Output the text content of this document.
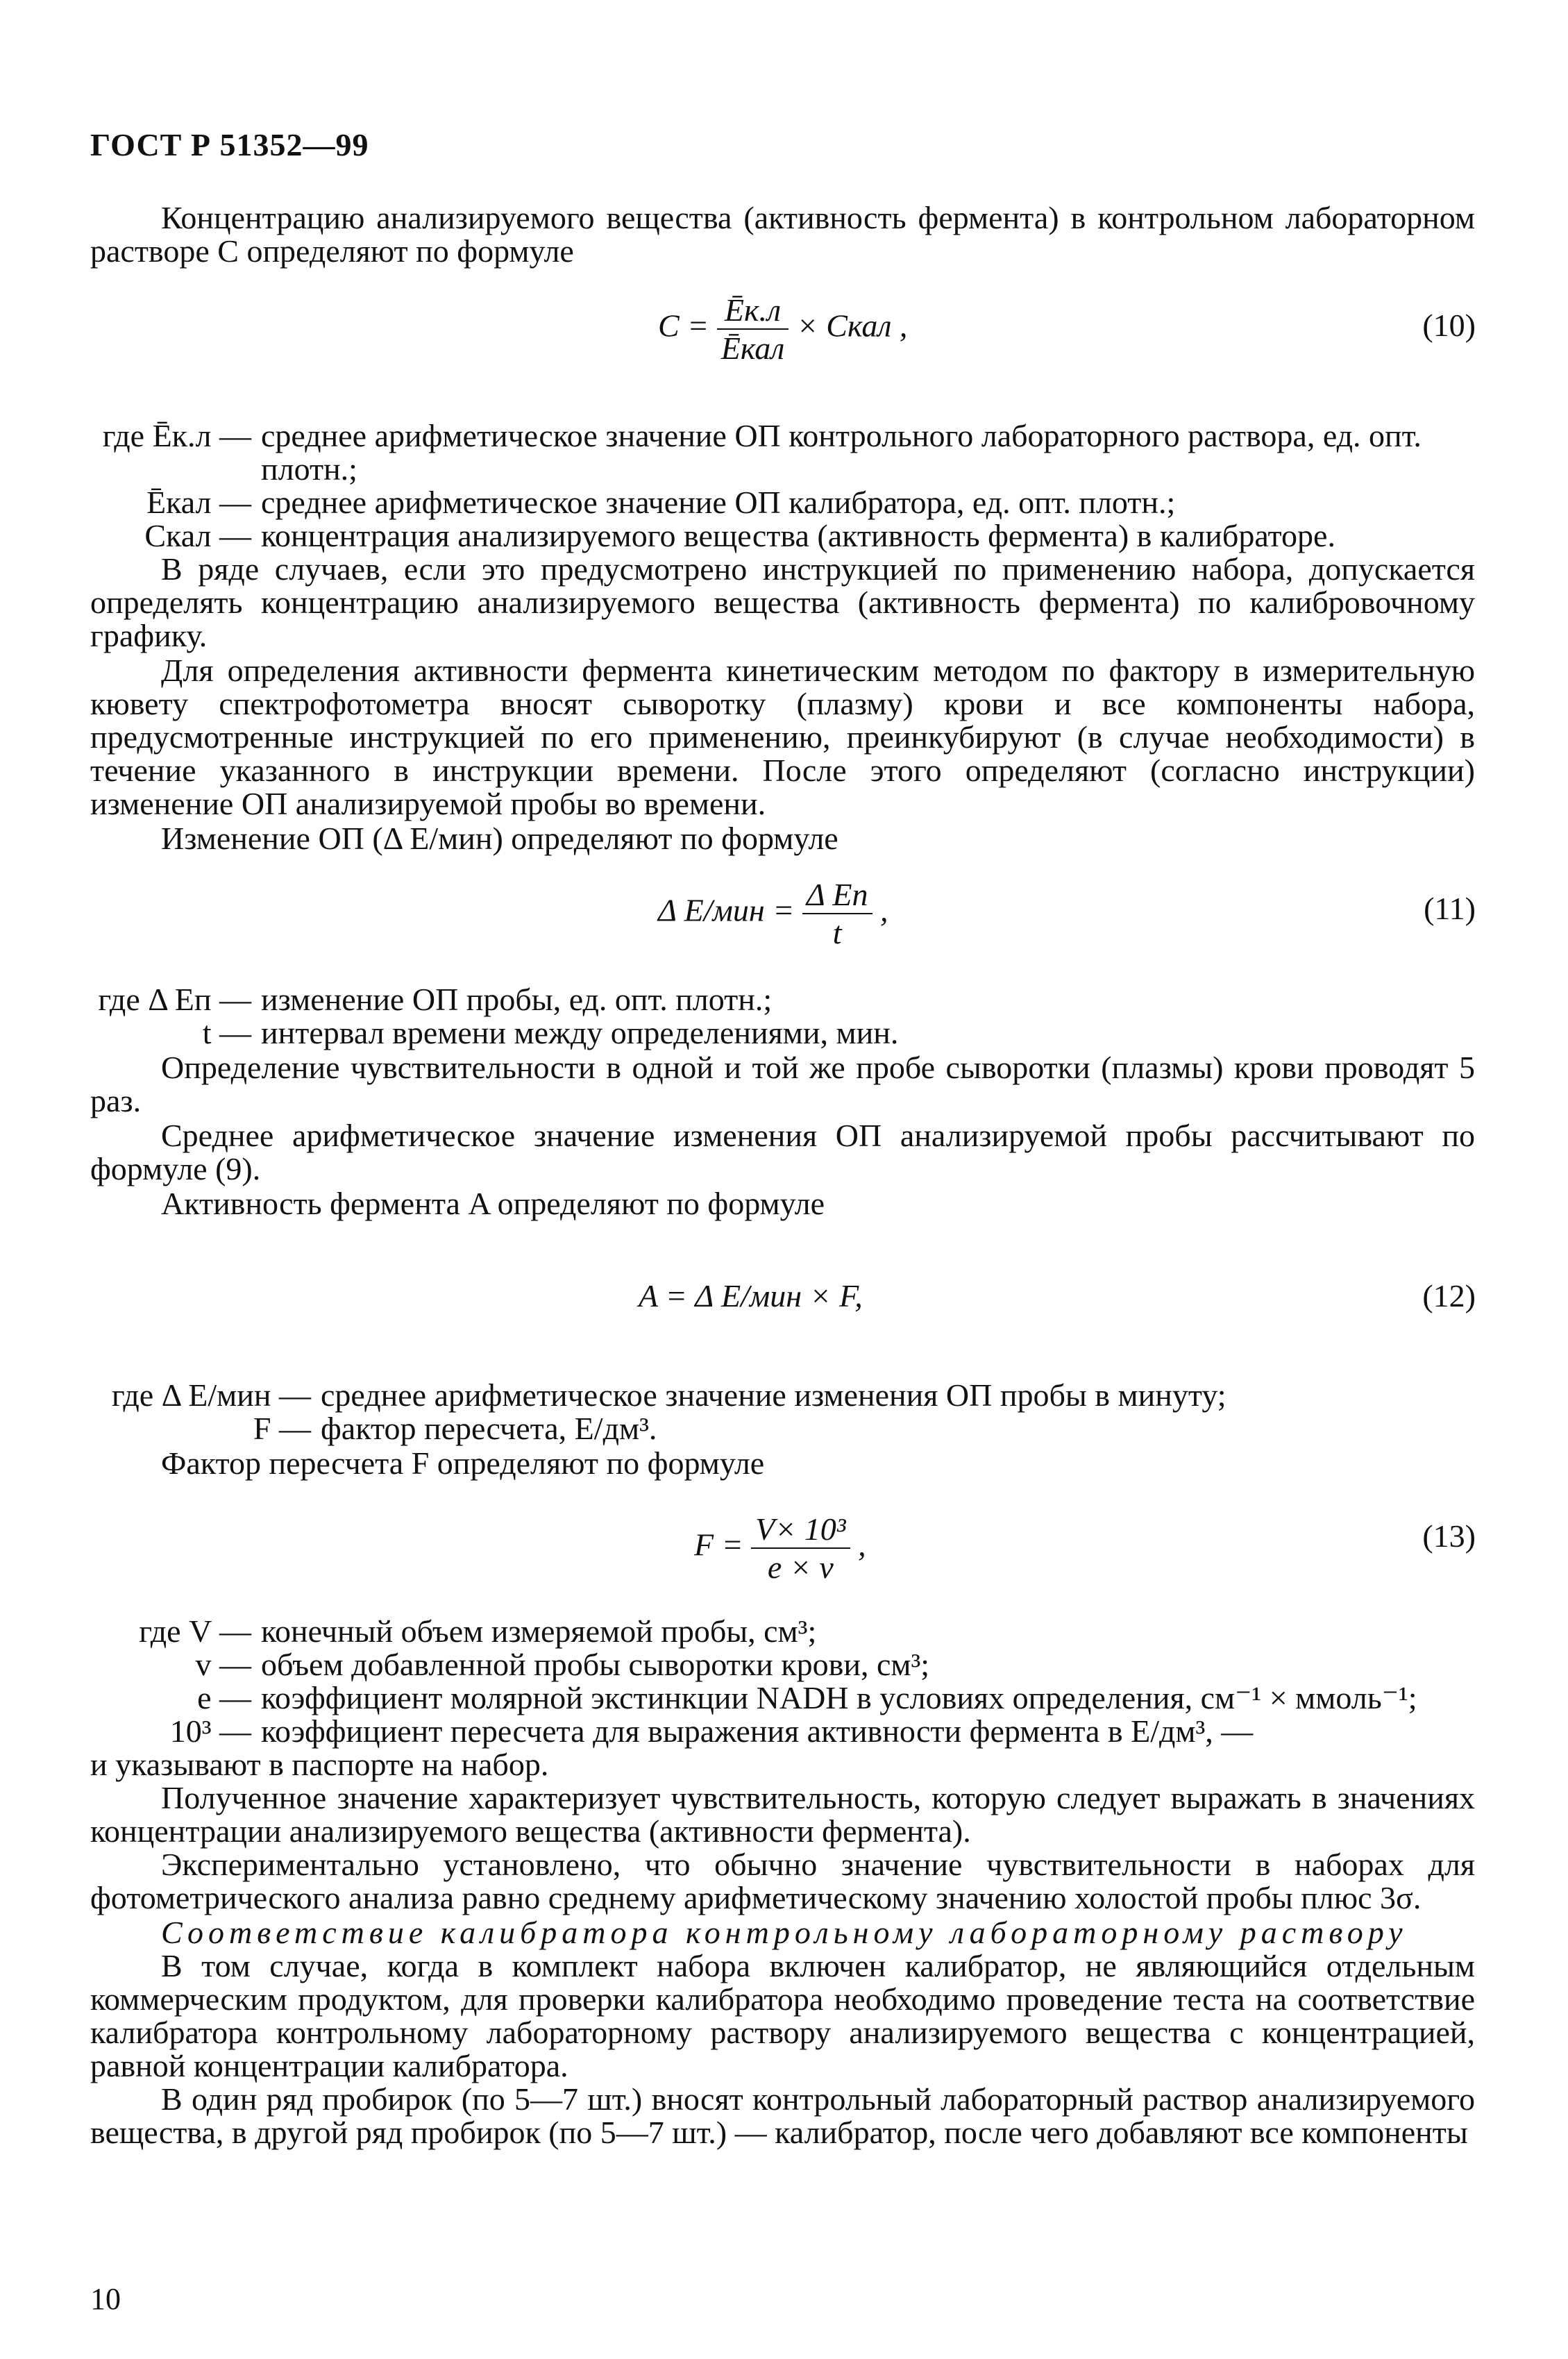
ГОСТ Р 51352—99
Концентрацию анализируемого вещества (активность фермента) в контрольном лабораторном растворе C определяют по формуле
$C = \frac{Ēк.л}{\text{Ēкал}}$ × Cкал ,	(10)
где Ēк.л — среднее арифметическое значение ОП контрольного лабораторного раствора, ед. опт. плотн.;
Ēкал — среднее арифметическое значение ОП калибратора, ед. опт. плотн.;
Cкал — концентрация анализируемого вещества (активность фермента) в калибраторе.
В ряде случаев, если это предусмотрено инструкцией по применению набора, допускается определять концентрацию анализируемого вещества (активность фермента) по калибровочному графику.
Для определения активности фермента кинетическим методом по фактору в измерительную кювету спектрофотометра вносят сыворотку (плазму) крови и все компоненты набора, предусмотренные инструкцией по его применению, преинкубируют (в случае необходимости) в течение указанного в инструкции времени. После этого определяют (согласно инструкции) изменение ОП анализируемой пробы во времени.
Изменение ОП (Δ E/мин) определяют по формуле
Δ $E/мин = \frac{\text{Δ Eп}}{t}$ ,	(11)
где Δ Eп — изменение ОП пробы, ед. опт. плотн.;
t — интервал времени между определениями, мин.
Определение чувствительности в одной и той же пробе сыворотки (плазмы) крови проводят 5 раз.
Среднее арифметическое значение изменения ОП анализируемой пробы рассчитывают по формуле (9).
Активность фермента A определяют по формуле
A = Δ E/мин × F,	(12)
где Δ E/мин — среднее арифметическое значение изменения ОП пробы в минуту;
F — фактор пересчета, E/дм³.
Фактор пересчета F определяют по формуле
$F = \frac{\text{V× 10³}}{e \times v}$ ,	(13)
где V — конечный объем измеряемой пробы, см³;
v — объем добавленной пробы сыворотки крови, см³;
e — коэффициент молярной экстинкции NADH в условиях определения, см⁻¹ × ммоль⁻¹;
10³ — коэффициент пересчета для выражения активности фермента в E/дм³, —
и указывают в паспорте на набор.
Полученное значение характеризует чувствительность, которую следует выражать в значениях концентрации анализируемого вещества (активности фермента).
Экспериментально установлено, что обычно значение чувствительности в наборах для фотометрического анализа равно среднему арифметическому значению холостой пробы плюс 3σ.
Соответствие калибратора контрольному лабораторному раствору
В том случае, когда в комплект набора включен калибратор, не являющийся отдельным коммерческим продуктом, для проверки калибратора необходимо проведение теста на соответствие калибратора контрольному лабораторному раствору анализируемого вещества с концентрацией, равной концентрации калибратора.
В один ряд пробирок (по 5—7 шт.) вносят контрольный лабораторный раствор анализируемого вещества, в другой ряд пробирок (по 5—7 шт.) — калибратор, после чего добавляют все компоненты
10
